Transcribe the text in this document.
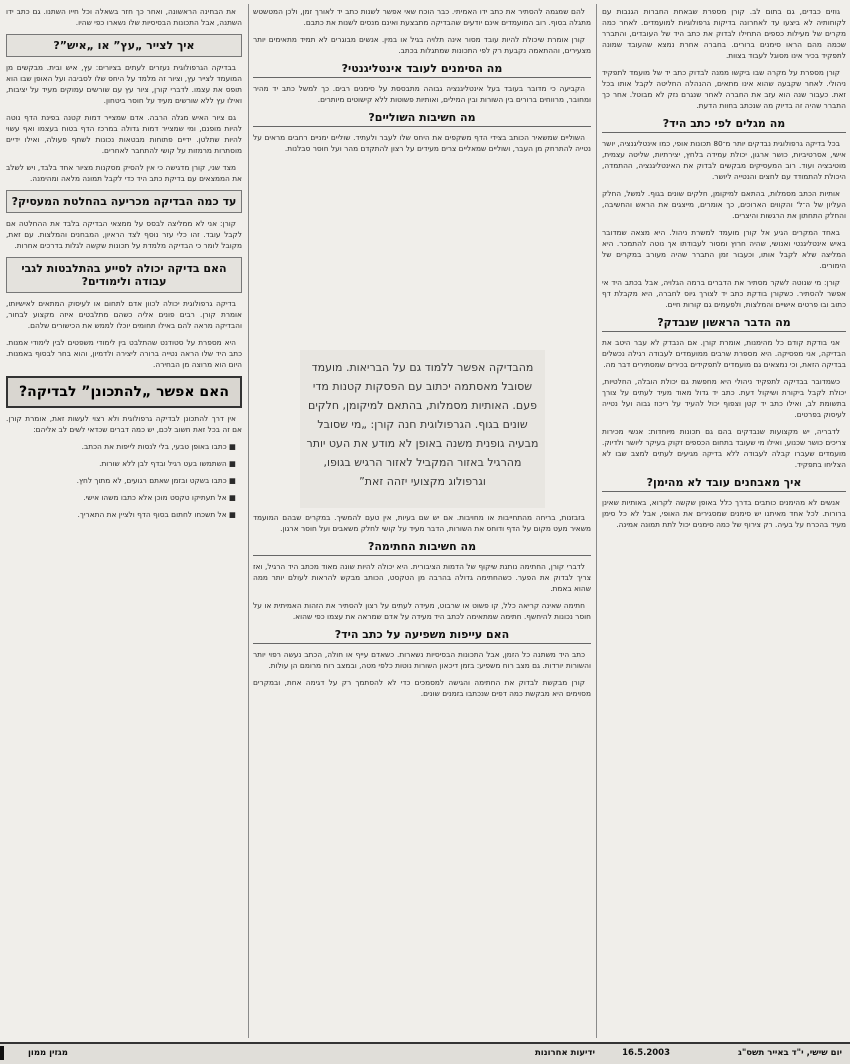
גוזים כבדים, גם בתום לב. קורן מספרת שבאחת החברות הגנבות עם לקוחותיה לא ביצעו עד לאחרונה בדיקות גרפולוגיות למועמדים. לאחר כמה מקרים של מעילות כספים התחילו לבדוק את כתב היד של העובדים, והתברר שכמה מהם הראו סימנים ברורים. בחברה אחרת נמצא שהעובד שמונה לתפקיד בכיר אינו מסוגל לעבוד בצוות.

קורן מספרת על מקרה שבו ביקשו ממנה לבדוק כתב יד של מועמד לתפקיד ניהולי. לאחר שקבעה שהוא אינו מתאים, ההנהלה החליטה לקבל אותו בכל זאת. כעבור שנה הוא עזב את החברה לאחר שנגרם נזק לא מבוטל. אחר כך התברר שהיה זה בדיוק מה שנכתב בחוות הדעת.

מה מגלים לפי כתב היד?

בכל בדיקה גרפולוגית נבדקים יותר מ־80 תכונות אופי, כמו אינטליגנציה, יושר אישי, אסרטיביות, כושר ארגון, יכולת עמידה בלחץ, יצירתיות, שליטה עצמית, מוטיבציה ועוד. רוב המעסיקים מבקשים לבדוק את האינטליגנציה, ההתמדה, היכולת להתמודד עם לחצים והנטייה ליושר.

אותיות הכתב מסמלות, בהתאם למיקומן, חלקים שונים בגוף. למשל, החלק העליון של ה־ל' והקווים הארוכים, כך אומרים, מייצגים את הראש והחשיבה, והחלק התחתון את הרגשות והיצרים.

באחד המקרים הגיע אל קורן מועמד למשרת ניהול. היא מצאה שמדובר באיש אינטליגנטי ואנושי, שהיה חרוץ ומסור לעבודתו אך נוטה להתמכר. היא המליצה שלא לקבל אותו, וכעבור זמן התברר שהיה מעורב במקרים של הימורים.

קורן: מי שנוטה לשקר מסתיר את הדברים ברמה הגלויה, אבל בכתב היד אי אפשר להסתיר. כשקורן בודקת כתב יד לצורך גיוס לחברה, היא מקבלת דף כתוב ובו פרטים אישיים והמלצות, ולפעמים גם קורות חיים.

מה הדבר הראשון שנבדק?

אני בודקת קודם כל מהימנות, אומרת קורן. אם הנבדק לא עבר היטב את הבדיקה, אני מפסיקה. היא מספרת שרבים ממועמדים לעבודה רגילה נכשלים בבדיקה הזאת, וכי נמצאים גם מועמדים לתפקידים בכירים שמסתירים דבר מה.

כשמדובר בבדיקה לתפקיד ניהולי היא מחפשת גם יכולת הובלה, החלטיות, יכולת לקבל ביקורת ושיקול דעת. כתב יד גדול מאוד מעיד לעתים על צורך בתשומת לב, ואילו כתב יד קטן וצפוף יכול להעיד על ריכוז גבוה ועל נטייה לעיסוק בפרטים.

לדבריה, יש מקצועות שנבדקים בהם גם תכונות מיוחדות: אנשי מכירות צריכים כושר שכנוע, ואילו מי שעובד בתחום הכספים זקוק בעיקר ליושר ולדיוק. מועמדים שעברו קבלה לעבודה ללא בדיקה מגיעים לעתים למצב שבו לא הצליחו בתפקיד.

איך מאבחנים עובד לא מהימן?

אנשים לא מהימנים כותבים בדרך כלל באופן שקשה לקרוא, באותיות שאינן ברורות. לכל אחד מאיתנו יש סימנים שמסגירים את האופי, אבל לא כל סימן מעיד בהכרח על בעיה. רק צירוף של כמה סימנים יכול לתת תמונה אמינה.

להם שמגמה להסתיר את כתב ידו האמיתי. כבר הוכח שאי אפשר לשנות כתב יד לאורך זמן, ולכן המטשטש מתגלה בסוף. רוב המועמדים אינם יודעים שהבדיקה מתבצעת ואינם מנסים לשנות את כתבם.

קורן אומרת שיכולת להיות עובד מסור אינה תלויה בגיל או במין. אנשים מבוגרים לא תמיד מתאימים יותר מצעירים, וההתאמה נקבעת רק לפי התכונות שמתגלות בכתב.

מה הסימנים לעובד אינטליגנטי?

הקביעה כי מדובר בעובד בעל אינטליגנציה גבוהה מתבססת על סימנים רבים. כך למשל כתב יד מהיר ומחובר, מרווחים ברורים בין השורות ובין המילים, ואותיות פשוטות ללא קישוטים מיותרים.

מה חשיבות השוליים?

השוליים שמשאיר הכותב בצידי הדף משקפים את היחס שלו לעבר ולעתיד. שוליים ימניים רחבים מראים על נטייה להתרחק מן העבר, ושוליים שמאליים צרים מעידים על רצון להתקדם מהר ועל חוסר סבלנות.

מהבדיקה אפשר ללמוד גם על הבריאות. מועמד שסובל מאסתמה יכתוב עם הפסקות קטנות מדי פעם. האותיות מסמלות, בהתאם למיקומן, חלקים שונים בגוף. הגרפולוגית חנה קורן: „מי שסובל מבעיה גופנית משנה באופן לא מודע את העט יותר מהרגיל באזור המקביל לאזור הרגיש בגופו, וגרפולוג מקצועי יזהה זאת”

בזבזנות, בריחה מהתחייבות או מחויבות. אם יש שם בעיות, אין טעם להמשיך. במקרים שבהם המועמד משאיר מעט מקום על הדף ודוחס את השורות, הדבר מעיד על קושי לחלק משאבים ועל חוסר ארגון.

מה חשיבות החתימה?

לדברי קורן, החתימה נותנת שיקוף של הדמות הציבורית. היא יכולה להיות שונה מאוד מכתב היד הרגיל, ואז צריך לבדוק את הפער. כשהחתימה גדולה בהרבה מן הטקסט, הכותב מבקש להראות לעולם יותר ממה שהוא באמת.

חתימה שאינה קריאה כלל, קו פשוט או שרבוט, מעידה לעתים על רצון להסתיר את הזהות האמיתית או על חוסר נכונות להיחשף. חתימה שמתאימה לכתב היד מעידה על אדם שמראה את עצמו כפי שהוא.

האם עייפות משפיעה על כתב היד?

כתב היד משתנה כל הזמן, אבל התכונות הבסיסיות נשארות. כשאדם עייף או חולה, הכתב נעשה רפוי יותר והשורות יורדות. גם מצב רוח משפיע: בזמן דיכאון השורות נוטות כלפי מטה, ובמצב רוח מרומם הן עולות.

קורן מבקשת לבדוק את החתימה והגישה למסמכים כדי לא להסתמך רק על דגימה אחת, ובמקרים מסוימים היא מבקשת כמה דפים שנכתבו בזמנים שונים.

את הבחינה הראשונה, ואחר כך חזר בשאלה וכל חייו השתנו. גם כתב ידו השתנה, אבל התכונות הבסיסיות שלו נשארו כפי שהיו.

איך לצייר „עץ” או „איש”?

בבדיקה הגרפולוגית נעזרים לעתים בציורים: עץ, איש ובית. מבקשים מן המועמד לצייר עץ, וציור זה מלמד על היחס שלו לסביבה ועל האופן שבו הוא תופס את עצמו. לדברי קורן, ציור עץ עם שורשים עמוקים מעיד על יציבות, ואילו עץ ללא שורשים מעיד על חוסר ביטחון.

גם ציור האיש מגלה הרבה. אדם שמצייר דמות קטנה בפינת הדף נוטה להיות מופנם, ומי שמצייר דמות גדולה במרכז הדף בטוח בעצמו ואף עשוי להיות שתלטן. ידיים פתוחות מבטאות נכונות לשתף פעולה, ואילו ידיים מוסתרות מרמזות על קושי להתחבר לאחרים.

מצד שני, קורן מדגישה כי אין להסיק מסקנות מציור אחד בלבד, ויש לשלב את הממצאים עם בדיקת כתב היד כדי לקבל תמונה מלאה ומהימנה.

עד כמה הבדיקה מכריעה בהחלטת המעסיק?

קורן: אני לא ממליצה לבסס על ממצאי הבדיקה בלבד את ההחלטה אם לקבל עובד. זהו כלי עזר נוסף לצד הראיון, המבחנים והמלצות. עם זאת, מקובל לומר כי הבדיקה מלמדת על תכונות שקשה לגלות בדרכים אחרות.

האם בדיקה יכולה לסייע בהתלבטות לגבי עבודה ולימודים?

בדיקה גרפולוגית יכולה לכוון אדם לתחום או לעיסוק המתאים לאישיותו, אומרת קורן. רבים פונים אליה כשהם מתלבטים איזה מקצוע לבחור, והבדיקה מראה להם באילו תחומים יוכלו לממש את הכישורים שלהם.

היא מספרת על סטודנט שהתלבט בין לימודי משפטים לבין לימודי אמנות. כתב היד שלו הראה נטייה ברורה ליצירה ולדמיון, והוא בחר לבסוף באמנות. היום הוא מרוצה מן הבחירה.

האם אפשר „להתכונן” לבדיקה?

אין דרך להתכונן לבדיקה גרפולוגית ולא רצוי לעשות זאת, אומרת קורן. אם זה בכל זאת חשוב לכם, יש כמה דברים שכדאי לשים לב אליהם:

■ כתבו באופן טבעי, בלי לנסות לייפות את הכתב.

■ השתמשו בעט רגיל ובדף לבן ללא שורות.

■ כתבו בשקט ובזמן שאתם רגועים, לא מתוך לחץ.

■ אל תעתיקו טקסט מוכן אלא כתבו משהו אישי.

■ אל תשכחו לחתום בסוף הדף ולציין את התאריך.

יום שישי, י"ד באייר תשס"ג
16.5.2003
ידיעות אחרונות
מגזין ממון
